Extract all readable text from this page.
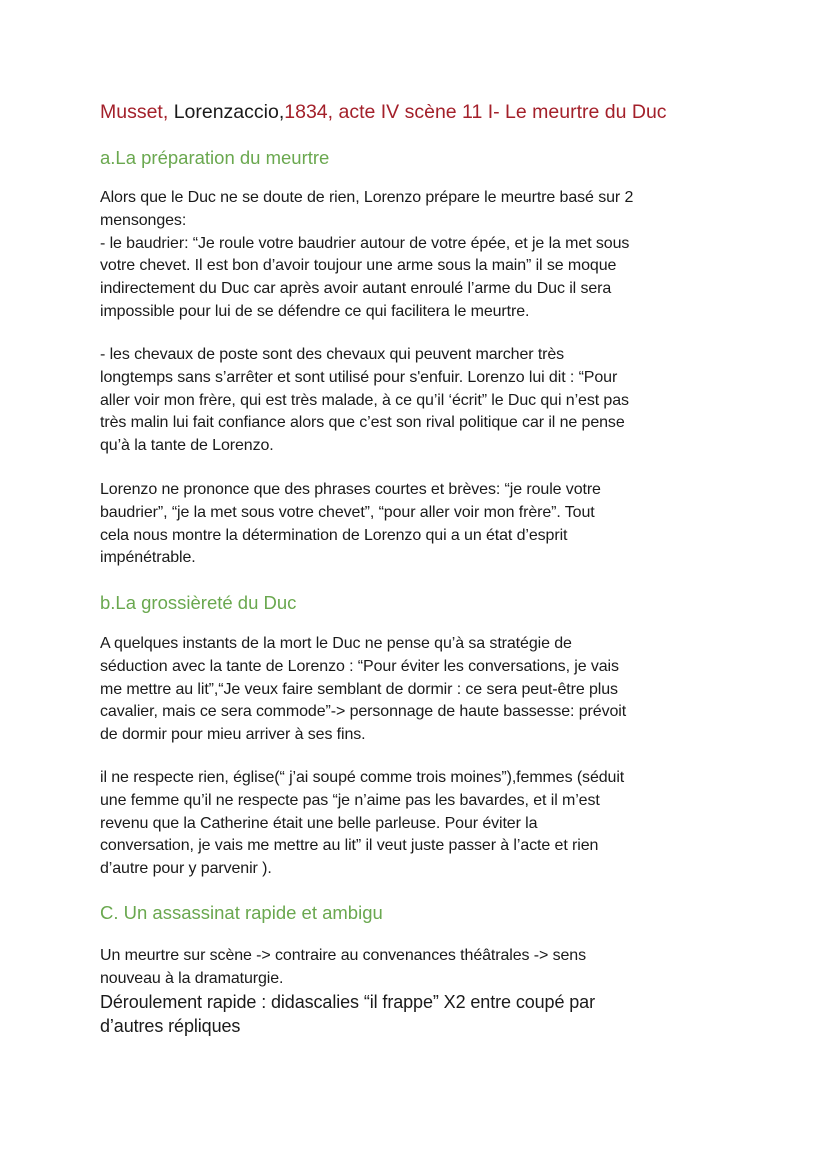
Musset, Lorenzaccio,1834, acte IV scène 11 I- Le meurtre du Duc
a.La préparation du meurtre
Alors que le Duc ne se doute de rien, Lorenzo prépare le meurtre basé sur 2
mensonges:
- le baudrier: “Je roule votre baudrier autour de votre épée, et je la met sous
votre chevet. Il est bon d’avoir toujour une arme sous la main” il se moque
indirectement du Duc car après avoir autant enroulé l’arme du Duc il sera
impossible pour lui de se défendre ce qui facilitera le meurtre.
- les chevaux de poste sont des chevaux qui peuvent marcher très
longtemps sans s’arrêter et sont utilisé pour s'enfuir. Lorenzo lui dit : “Pour
aller voir mon frère, qui est très malade, à ce qu’il ‘écrit” le Duc qui n’est pas
très malin lui fait confiance alors que c’est son rival politique car il ne pense
qu’à la tante de Lorenzo.
Lorenzo ne prononce que des phrases courtes et brèves: “je roule votre
baudrier”, “je la met sous votre chevet”, “pour aller voir mon frère”. Tout
cela nous montre la détermination de Lorenzo qui a un état d’esprit
impénétrable.
b.La grossièreté du Duc
A quelques instants de la mort le Duc ne pense qu’à sa stratégie de
séduction avec la tante de Lorenzo : “Pour éviter les conversations, je vais
me mettre au lit”,“Je veux faire semblant de dormir : ce sera peut-être plus
cavalier, mais ce sera commode”-> personnage de haute bassesse: prévoit
de dormir pour mieu arriver à ses fins.
il ne respecte rien, église(“ j’ai soupé comme trois moines”),femmes (séduit
une femme qu’il ne respecte pas “je n’aime pas les bavardes, et il m’est
revenu que la Catherine était une belle parleuse. Pour éviter la
conversation, je vais me mettre au lit” il veut juste passer à l’acte et rien
d’autre pour y parvenir ).
C. Un assassinat rapide et ambigu
Un meurtre sur scène -> contraire au convenances théâtrales -> sens
nouveau à la dramaturgie.
Déroulement rapide : didascalies “il frappe” X2 entre coupé par
d’autres répliques
